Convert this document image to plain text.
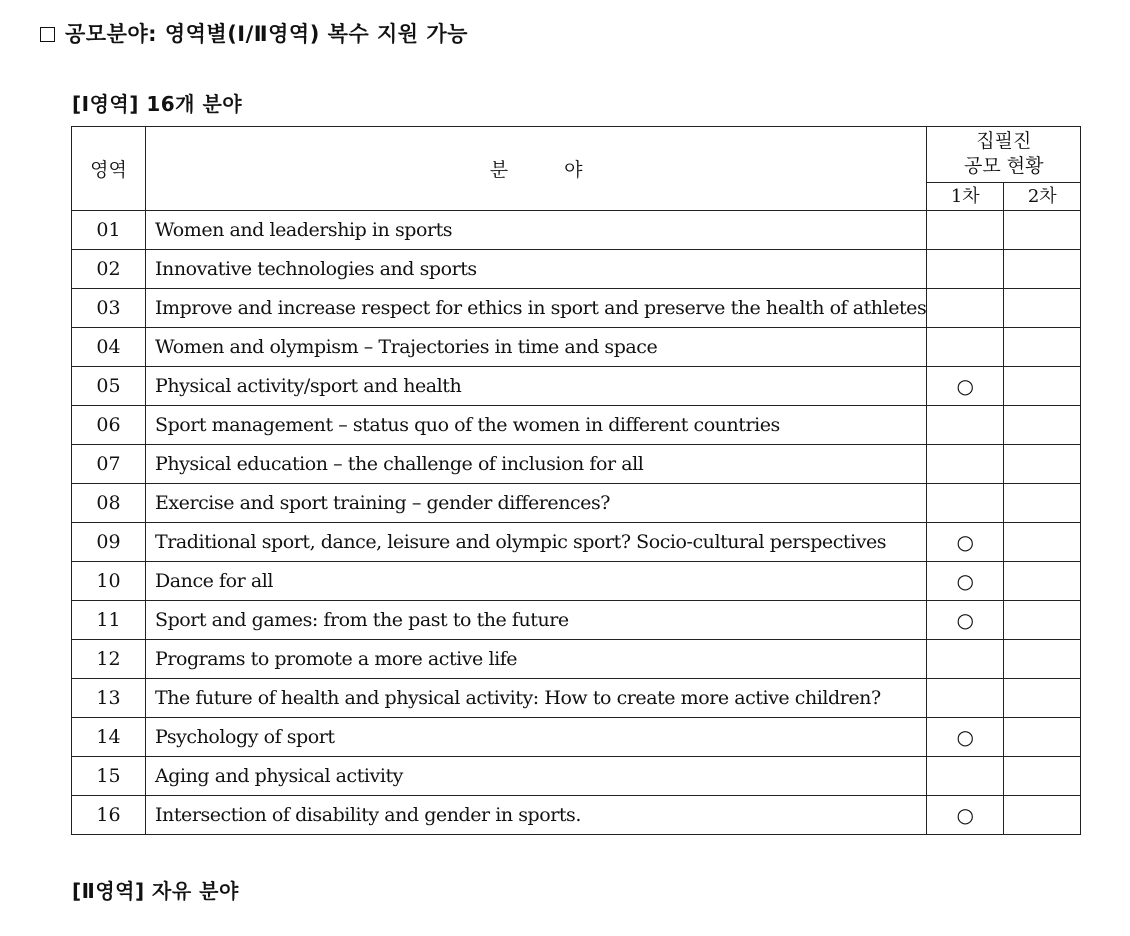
공모분야: 영역별(I/Ⅱ영역) 복수 지원 가능
[I영역] 16개 분야
영역	분 야	집필진
공모 현황	

		1차	2차
01	Women and leadership in sports		
02	Innovative technologies and sports		
03	Improve and increase respect for ethics in sport and preserve the health of athletes		
04	Women and olympism – Trajectories in time and space		
05	Physical activity/sport and health	○	
06	Sport management – status quo of the women in different countries		
07	Physical education – the challenge of inclusion for all		
08	Exercise and sport training – gender differences?		
09	Traditional sport, dance, leisure and olympic sport? Socio-cultural perspectives	○	
10	Dance for all	○	
11	Sport and games: from the past to the future	○	
12	Programs to promote a more active life		
13	The future of health and physical activity: How to create more active children?		
14	Psychology of sport	○	
15	Aging and physical activity		
16	Intersection of disability and gender in sports.	○	
[Ⅱ영역] 자유 분야
